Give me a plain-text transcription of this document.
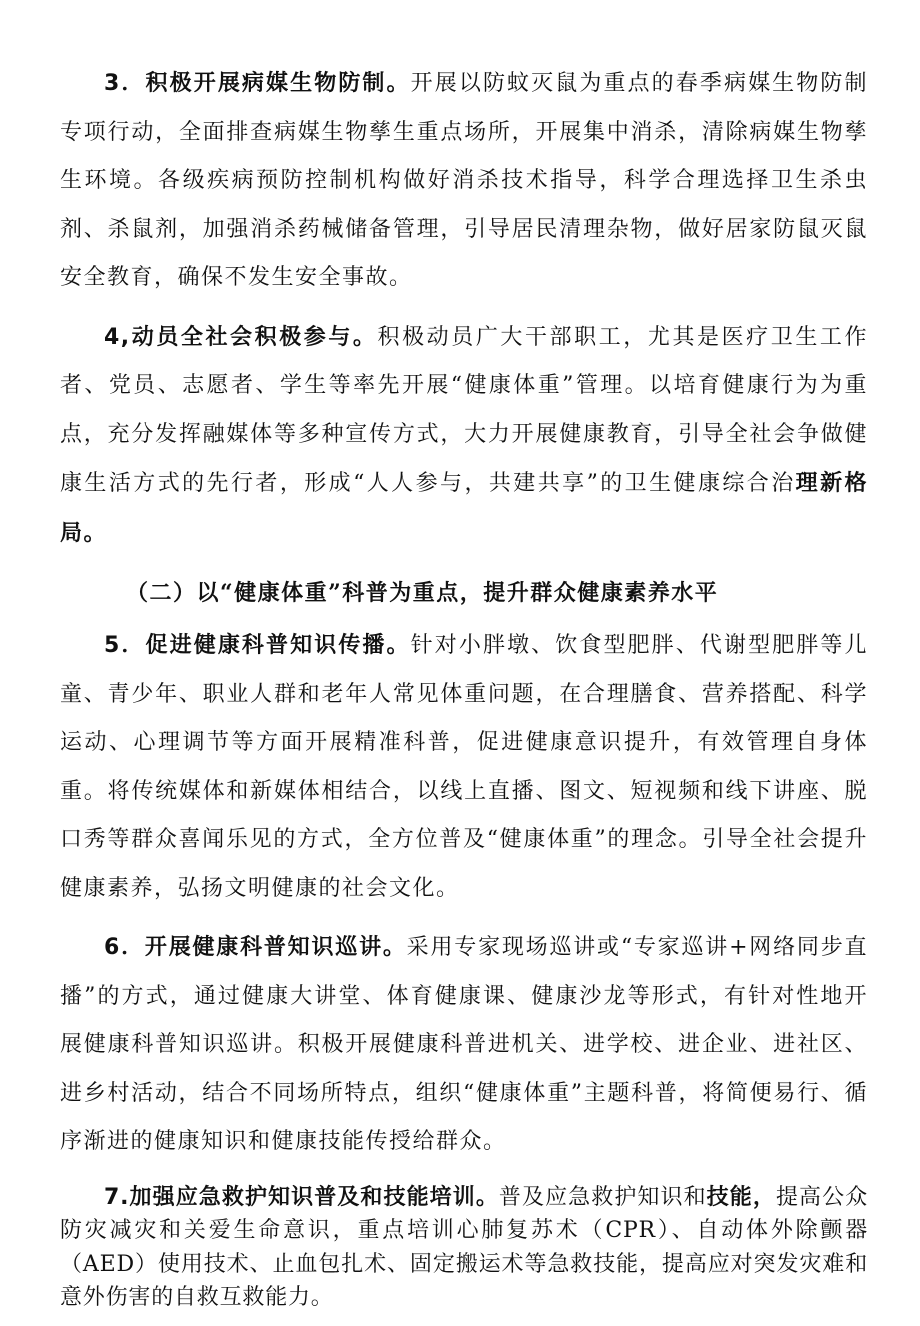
3．积极开展病媒生物防制。开展以防蚊灭鼠为重点的春季病媒生物防制专项行动，全面排查病媒生物孳生重点场所，开展集中消杀，清除病媒生物孳生环境。各级疾病预防控制机构做好消杀技术指导，科学合理选择卫生杀虫剂、杀鼠剂，加强消杀药械储备管理，引导居民清理杂物，做好居家防鼠灭鼠安全教育，确保不发生安全事故。

4,动员全社会积极参与。积极动员广大干部职工，尤其是医疗卫生工作者、党员、志愿者、学生等率先开展“健康体重”管理。以培育健康行为为重点，充分发挥融媒体等多种宣传方式，大力开展健康教育，引导全社会争做健康生活方式的先行者，形成“人人参与，共建共享”的卫生健康综合治理新格局。

（二）以“健康体重”科普为重点，提升群众健康素养水平

5．促进健康科普知识传播。针对小胖墩、饮食型肥胖、代谢型肥胖等儿童、青少年、职业人群和老年人常见体重问题，在合理膳食、营养搭配、科学运动、心理调节等方面开展精准科普，促进健康意识提升，有效管理自身体重。将传统媒体和新媒体相结合，以线上直播、图文、短视频和线下讲座、脱口秀等群众喜闻乐见的方式，全方位普及“健康体重”的理念。引导全社会提升健康素养，弘扬文明健康的社会文化。

6．开展健康科普知识巡讲。采用专家现场巡讲或“专家巡讲+网络同步直播”的方式，通过健康大讲堂、体育健康课、健康沙龙等形式，有针对性地开展健康科普知识巡讲。积极开展健康科普进机关、进学校、进企业、进社区、进乡村活动，结合不同场所特点，组织“健康体重”主题科普，将简便易行、循序渐进的健康知识和健康技能传授给群众。

7.加强应急救护知识普及和技能培训。普及应急救护知识和技能，提高公众防灾减灾和关爱生命意识，重点培训心肺复苏术（CPR）、自动体外除颤器（AED）使用技术、止血包扎术、固定搬运术等急救技能，提高应对突发灾难和意外伤害的自救互救能力。
